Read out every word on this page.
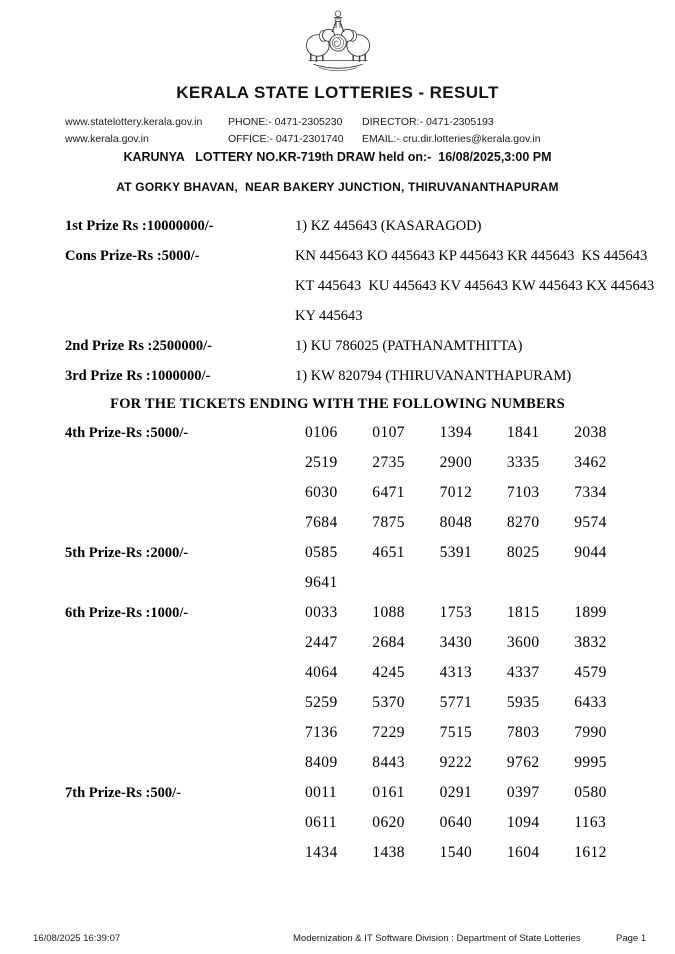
KERALA STATE LOTTERIES - RESULT
www.statelottery.kerala.gov.in	PHONE:- 0471-2305230	DIRECTOR:- 0471-2305193
www.kerala.gov.in	OFFICE:- 0471-2301740	EMAIL:- cru.dir.lotteries@kerala.gov.in
KARUNYA   LOTTERY NO.KR-719th DRAW held on:-  16/08/2025,3:00 PM
AT GORKY BHAVAN,  NEAR BAKERY JUNCTION, THIRUVANANTHAPURAM
1st Prize Rs :10000000/-	1) KZ 445643 (KASARAGOD)
Cons Prize-Rs :5000/-	KN 445643 KO 445643 KP 445643 KR 445643  KS 445643
KT 445643  KU 445643 KV 445643 KW 445643 KX 445643
KY 445643
2nd Prize Rs :2500000/-	1) KU 786025 (PATHANAMTHITTA)
3rd Prize Rs :1000000/-	1) KW 820794 (THIRUVANANTHAPURAM)
FOR THE TICKETS ENDING WITH THE FOLLOWING NUMBERS
4th Prize-Rs :5000/-	0106	0107	1394	1841	2038
2519	2735	2900	3335	3462
6030	6471	7012	7103	7334
7684	7875	8048	8270	9574
5th Prize-Rs :2000/-	0585	4651	5391	8025	9044
9641
6th Prize-Rs :1000/-	0033	1088	1753	1815	1899
2447	2684	3430	3600	3832
4064	4245	4313	4337	4579
5259	5370	5771	5935	6433
7136	7229	7515	7803	7990
8409	8443	9222	9762	9995
7th Prize-Rs :500/-	0011	0161	0291	0397	0580
0611	0620	0640	1094	1163
1434	1438	1540	1604	1612
16/08/2025 16:39:07	Modernization & IT Software Division : Department of State Lotteries	Page 1
